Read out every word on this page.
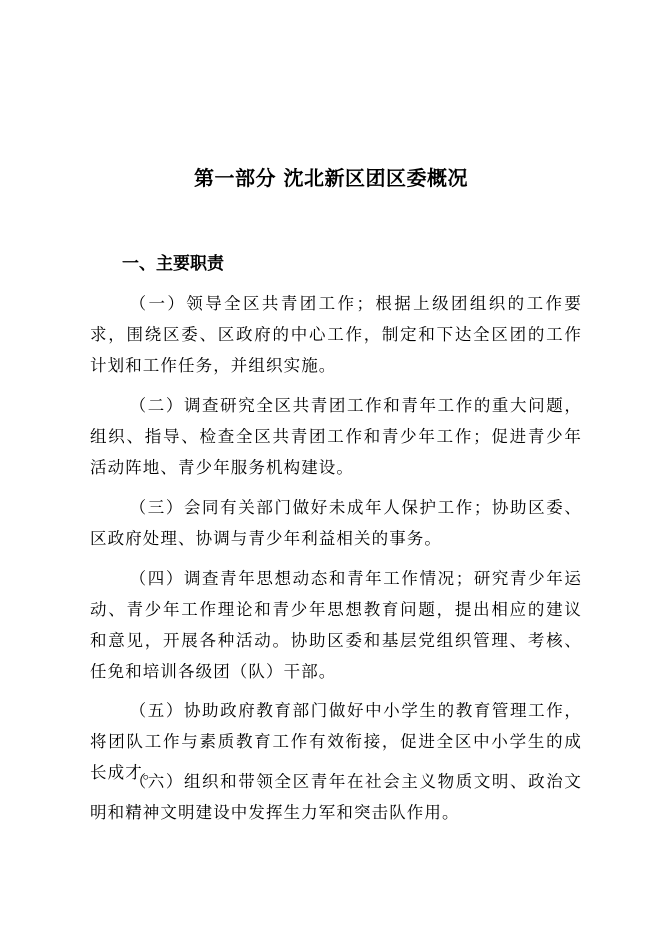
第一部分 沈北新区团区委概况
一、主要职责

（一）领导全区共青团工作；根据上级团组织的工作要求，围绕区委、区政府的中心工作，制定和下达全区团的工作计划和工作任务，并组织实施。

（二）调查研究全区共青团工作和青年工作的重大问题，组织、指导、检查全区共青团工作和青少年工作；促进青少年活动阵地、青少年服务机构建设。

（三）会同有关部门做好未成年人保护工作；协助区委、区政府处理、协调与青少年利益相关的事务。

（四）调查青年思想动态和青年工作情况；研究青少年运动、青少年工作理论和青少年思想教育问题，提出相应的建议和意见，开展各种活动。协助区委和基层党组织管理、考核、任免和培训各级团（队）干部。

（五）协助政府教育部门做好中小学生的教育管理工作，将团队工作与素质教育工作有效衔接，促进全区中小学生的成长成才。

（六）组织和带领全区青年在社会主义物质文明、政治文明和精神文明建设中发挥生力军和突击队作用。
